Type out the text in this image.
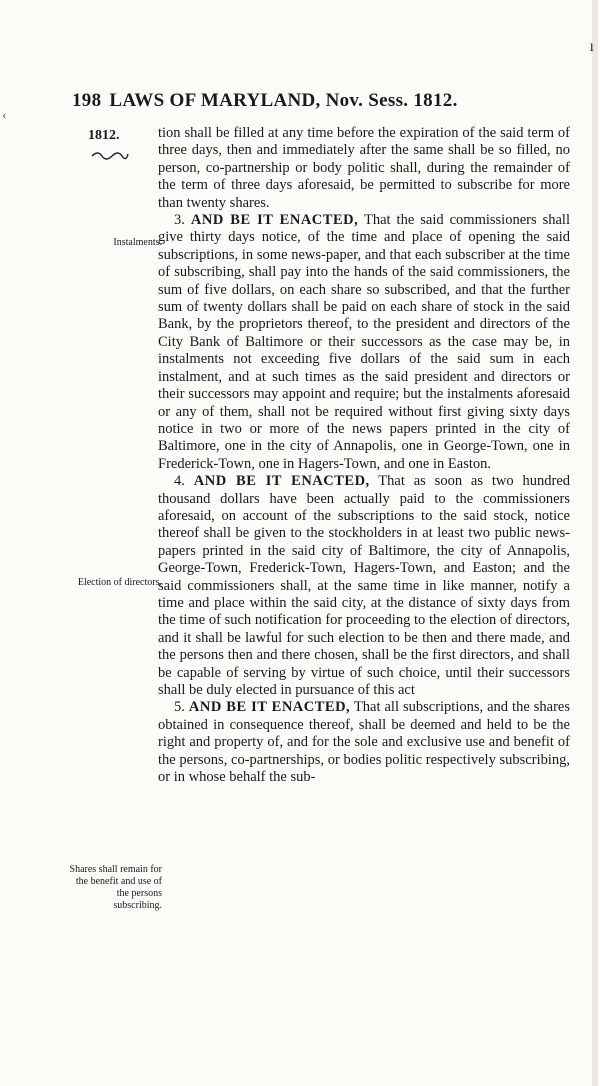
ı
‹
198 LAWS OF MARYLAND, Nov. Sess. 1812.
1812.
Instalments.
Election of directors.
Shares shall remain for the benefit and use of the persons subscribing.

tion shall be filled at any time before the expiration of the said term of three days, then and immediately after the same shall be so filled, no person, co-partnership or body politic shall, during the remainder of the term of three days aforesaid, be permitted to subscribe for more than twenty shares.

3. AND BE IT ENACTED, That the said commissioners shall give thirty days notice, of the time and place of opening the said subscriptions, in some news-paper, and that each subscriber at the time of subscribing, shall pay into the hands of the said commissioners, the sum of five dollars, on each share so subscribed, and that the further sum of twenty dollars shall be paid on each share of stock in the said Bank, by the proprietors thereof, to the president and directors of the City Bank of Baltimore or their successors as the case may be, in instalments not exceeding five dollars of the said sum in each instalment, and at such times as the said president and directors or their successors may appoint and require; but the instalments aforesaid or any of them, shall not be required without first giving sixty days notice in two or more of the news papers printed in the city of Baltimore, one in the city of Annapolis, one in George-Town, one in Frederick-Town, one in Hagers-Town, and one in Easton.

4. AND BE IT ENACTED, That as soon as two hundred thousand dollars have been actually paid to the commissioners aforesaid, on account of the subscriptions to the said stock, notice thereof shall be given to the stockholders in at least two public news-papers printed in the said city of Baltimore, the city of Annapolis, George-Town, Frederick-Town, Hagers-Town, and Easton; and the said commissioners shall, at the same time in like manner, notify a time and place within the said city, at the distance of sixty days from the time of such notification for proceeding to the election of directors, and it shall be lawful for such election to be then and there made, and the persons then and there chosen, shall be the first directors, and shall be capable of serving by virtue of such choice, until their successors shall be duly elected in pursuance of this act

5. AND BE IT ENACTED, That all subscriptions, and the shares obtained in consequence thereof, shall be deemed and held to be the right and property of, and for the sole and exclusive use and benefit of the persons, co-partnerships, or bodies politic respectively subscribing, or in whose behalf the sub-
